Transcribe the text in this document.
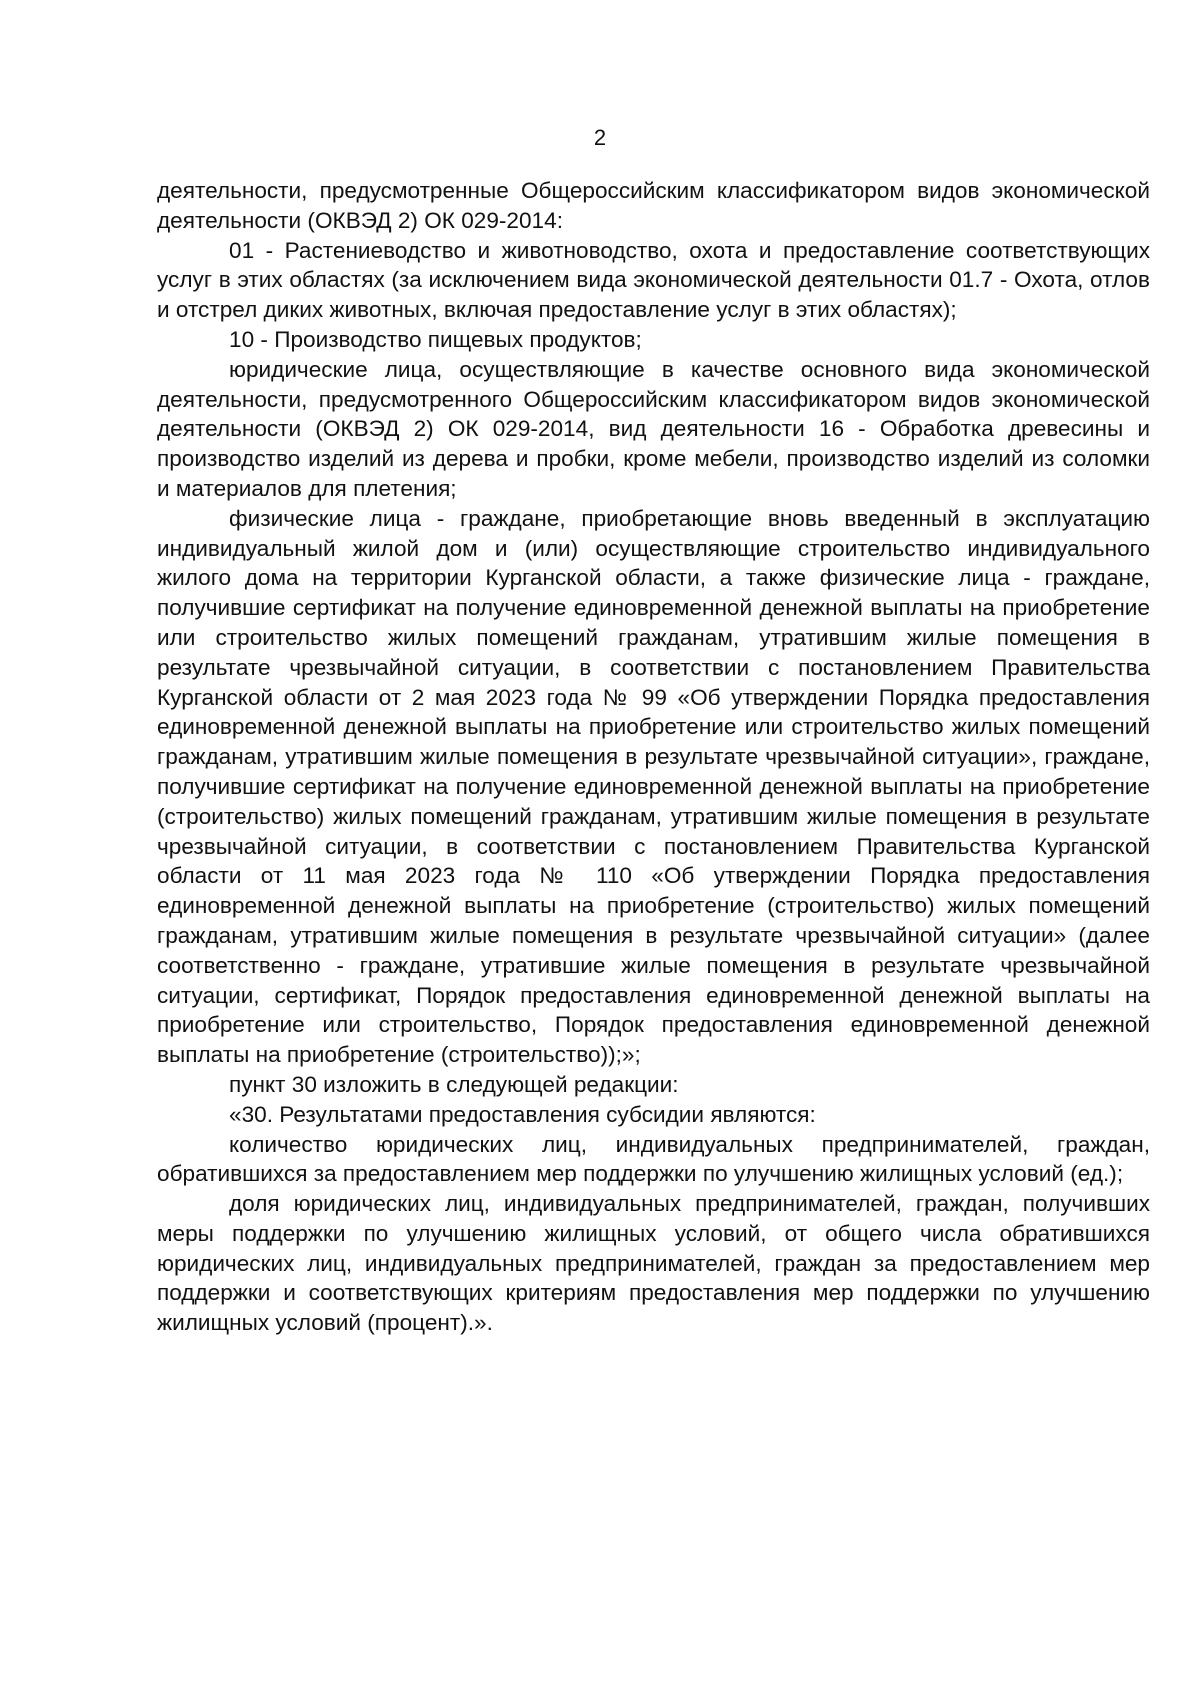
2

деятельности, предусмотренные Общероссийским классификатором видов экономической деятельности (ОКВЭД 2) ОК 029-2014:

01 - Растениеводство и животноводство, охота и предоставление соответствующих услуг в этих областях (за исключением вида экономической деятельности 01.7 - Охота, отлов и отстрел диких животных, включая предоставление услуг в этих областях);

10 - Производство пищевых продуктов;

юридические лица, осуществляющие в качестве основного вида экономической деятельности, предусмотренного Общероссийским классификатором видов экономической деятельности (ОКВЭД 2) ОК 029-2014, вид деятельности 16 - Обработка древесины и производство изделий из дерева и пробки, кроме мебели, производство изделий из соломки и материалов для плетения;

физические лица - граждане, приобретающие вновь введенный в эксплуатацию индивидуальный жилой дом и (или) осуществляющие строительство индивидуального жилого дома на территории Курганской области, а также физические лица - граждане, получившие сертификат на получение единовременной денежной выплаты на приобретение или строительство жилых помещений гражданам, утратившим жилые помещения в результате чрезвычайной ситуации, в соответствии с постановлением Правительства Курганской области от 2 мая 2023 года № 99 «Об утверждении Порядка предоставления единовременной денежной выплаты на приобретение или строительство жилых помещений гражданам, утратившим жилые помещения в результате чрезвычайной ситуации», граждане, получившие сертификат на получение единовременной денежной выплаты на приобретение (строительство) жилых помещений гражданам, утратившим жилые помещения в результате чрезвычайной ситуации, в соответствии с постановлением Правительства Курганской области от 11 мая 2023 года № 110 «Об утверждении Порядка предоставления единовременной денежной выплаты на приобретение (строительство) жилых помещений гражданам, утратившим жилые помещения в результате чрезвычайной ситуации» (далее соответственно - граждане, утратившие жилые помещения в результате чрезвычайной ситуации, сертификат, Порядок предоставления единовременной денежной выплаты на приобретение или строительство, Порядок предоставления единовременной денежной выплаты на приобретение (строительство));»;

пункт 30 изложить в следующей редакции:

«30. Результатами предоставления субсидии являются:

количество юридических лиц, индивидуальных предпринимателей, граждан, обратившихся за предоставлением мер поддержки по улучшению жилищных условий (ед.);

доля юридических лиц, индивидуальных предпринимателей, граждан, получивших меры поддержки по улучшению жилищных условий, от общего числа обратившихся юридических лиц, индивидуальных предпринимателей, граждан за предоставлением мер поддержки и соответствующих критериям предоставления мер поддержки по улучшению жилищных условий (процент).».
